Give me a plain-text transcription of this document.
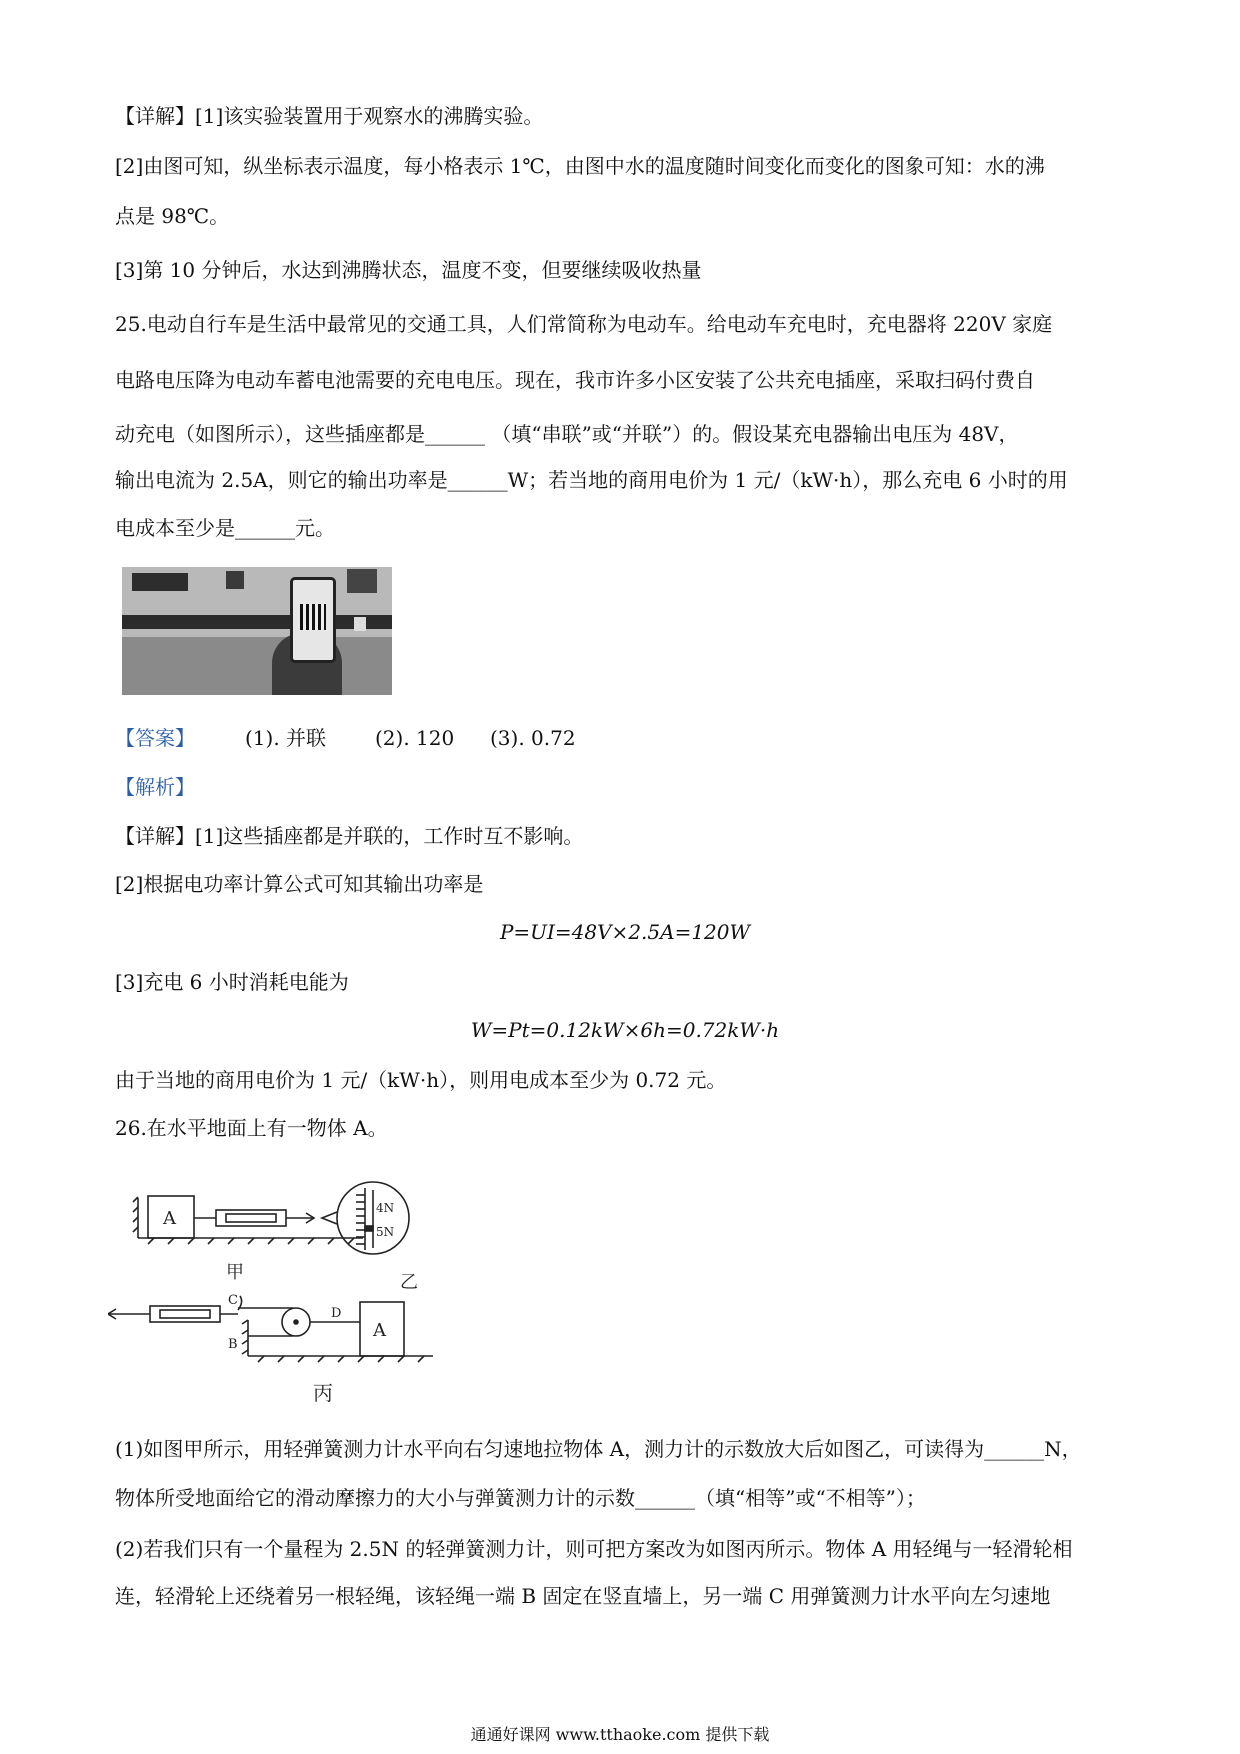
【详解】[1]该实验装置用于观察水的沸腾实验。
[2]由图可知，纵坐标表示温度，每小格表示 1℃，由图中水的温度随时间变化而变化的图象可知：水的沸
点是 98℃。
[3]第 10 分钟后，水达到沸腾状态，温度不变，但要继续吸收热量
25.电动自行车是生活中最常见的交通工具，人们常简称为电动车。给电动车充电时，充电器将 220V 家庭
电路电压降为电动车蓄电池需要的充电电压。现在，我市许多小区安装了公共充电插座，采取扫码付费自
动充电（如图所示），这些插座都是______ （填“串联”或“并联”）的。假设某充电器输出电压为 48V，
输出电流为 2.5A，则它的输出功率是______W；若当地的商用电价为 1 元/（kW·h），那么充电 6 小时的用
电成本至少是______元。
【答案】	(1). 并联 (2). 120 (3). 0.72
【解析】
【详解】[1]这些插座都是并联的，工作时互不影响。
[2]根据电功率计算公式可知其输出功率是
P=UI=48V×2.5A=120W
[3]充电 6 小时消耗电能为
W=Pt=0.12kW×6h=0.72kW·h
由于当地的商用电价为 1 元/（kW·h），则用电成本至少为 0.72 元。
26.在水平地面上有一物体 A。
A	4N
5N
甲	乙
丙
C
B
D
A
(1)如图甲所示，用轻弹簧测力计水平向右匀速地拉物体 A，测力计的示数放大后如图乙，可读得为______N，
物体所受地面给它的滑动摩擦力的大小与弹簧测力计的示数______（填“相等”或“不相等”）；
(2)若我们只有一个量程为 2.5N 的轻弹簧测力计，则可把方案改为如图丙所示。物体 A 用轻绳与一轻滑轮相
连，轻滑轮上还绕着另一根轻绳，该轻绳一端 B 固定在竖直墙上，另一端 C 用弹簧测力计水平向左匀速地
通通好课网 www.tthaoke.com 提供下载
